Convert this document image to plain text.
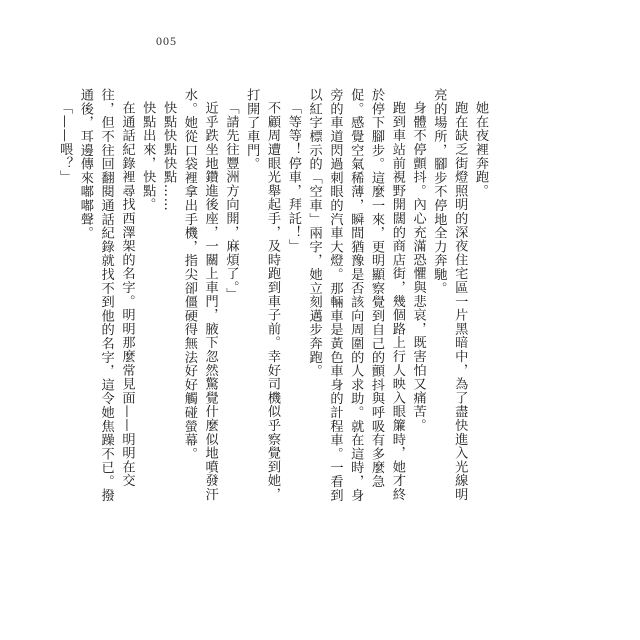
005

她在夜裡奔跑。

跑在缺乏街燈照明的深夜住宅區一片黑暗中，為了盡快進入光線明亮的場所，腳步不停地全力奔馳。

身體不停顫抖。內心充滿恐懼與悲哀，既害怕又痛苦。

跑到車站前視野開闊的商店街，幾個路上行人映入眼簾時，她才終於停下腳步。這麼一來，更明顯察覺到自己的顫抖與呼吸有多麼急促。感覺空氣稀薄，瞬間猶豫是否該向周圍的人求助。就在這時，身旁的車道閃過刺眼的汽車大燈。那輛車是黃色車身的計程車。一看到以紅字標示的「空車」兩字，她立刻邁步奔跑。

「等等！停車，拜託！」

不顧周遭眼光舉起手，及時跑到車子前。幸好司機似乎察覺到她，打開了車門。

「請先往豐洲方向開，麻煩了。」

近乎跌坐地鑽進後座，一關上車門，腋下忽然驚覺什麼似地噴發汗水。她從口袋裡拿出手機，指尖卻僵硬得無法好好觸碰螢幕。

快點快點快點……

快點出來，快點。

在通話紀錄裡尋找西澤架的名字。明明那麼常見面——明明在交往，但不往回翻閱通話紀錄就找不到他的名字，這令她焦躁不已。撥通後，耳邊傳來嘟嘟聲。

「——喂？」
